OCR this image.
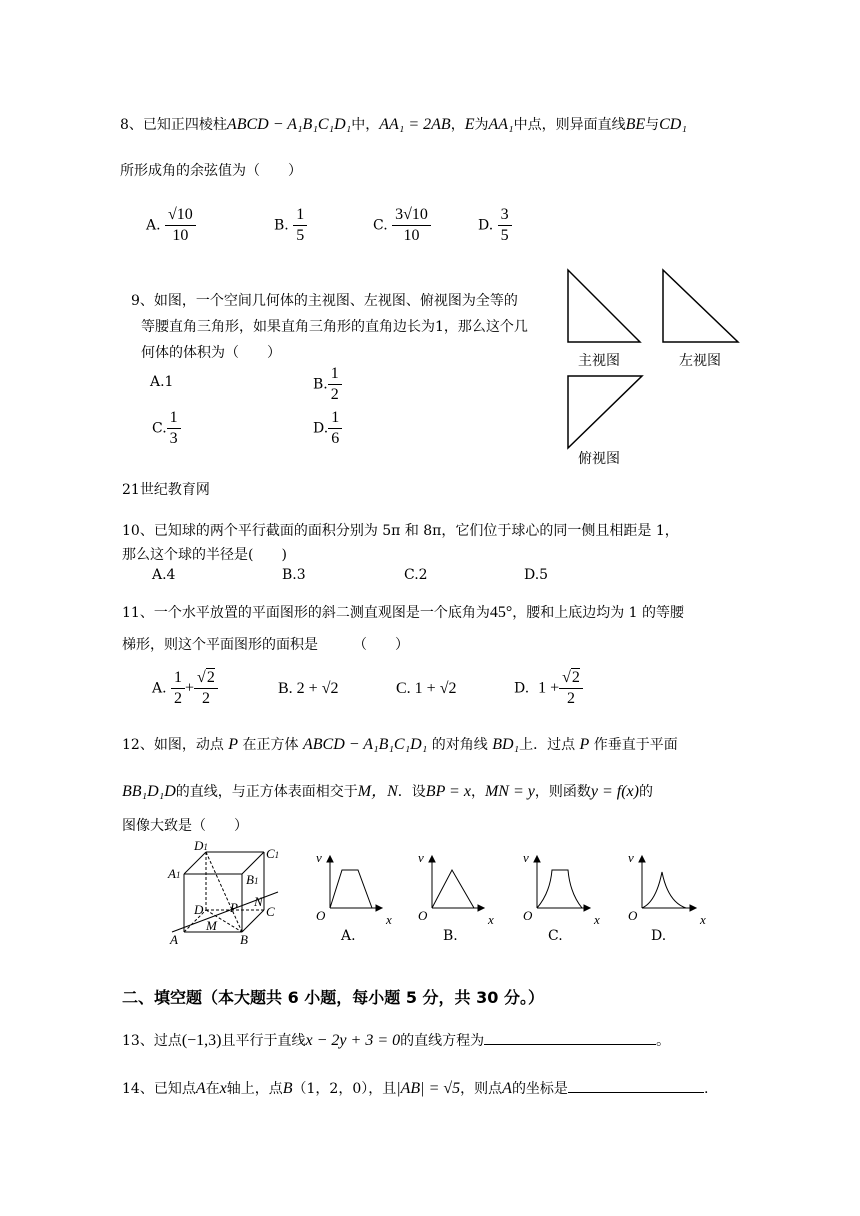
8、已知正四棱柱ABCD − A₁B₁C₁D₁中，AA₁ = 2AB，E为AA₁中点，则异面直线BE与CD₁
所形成角的余弦值为（　　）
A. $\frac{√10}{10}$	B. $\frac{1}{5}$	C. $\frac{3√10}{10}$	D. $\frac{3}{5}$
9、如图，一个空间几何体的主视图、左视图、俯视图为全等的
等腰直角三角形，如果直角三角形的直角边长为1，那么这个几
何体的体积为（　　）
A.1	B. $\frac{1}{2}$
C. $\frac{1}{3}$	D. $\frac{1}{6}$
主视图	左视图
俯视图
21世纪教育网
10、已知球的两个平行截面的面积分别为 5π 和 8π，它们位于球心的同一侧且相距是 1，
那么这个球的半径是(　　)
A.4	B.3	C.2	D.5
11、一个水平放置的平面图形的斜二测直观图是一个底角为45°，腰和上底边均为 1 的等腰
梯形，则这个平面图形的面积是　　　（　　）
A. $\frac{1}{2} + \frac{√2}{2}$	B. 2 + √2	C. 1 + √2	D. $1 + \frac{√2}{2}$
12、如图，动点 P 在正方体 ABCD − A₁B₁C₁D₁ 的对角线 BD₁上．过点 P 作垂直于平面
BB₁D₁D的直线，与正方体表面相交于M，N．设BP = x，MN = y，则函数y = f(x)的
图像大致是（　　）
D1	C1
A1	B1
D P N
M
C
A	B
v
O	x
v
O	x
v
O	x
v
O	x
A.	B.	C.	D.
二、填空题（本大题共 6 小题，每小题 5 分，共 30 分。）
13、过点(−1,3)且平行于直线x − 2y + 3 = 0的直线方程为	。
14、已知点A在x轴上，点B（1，2，0），且|AB| = √5，则点A的坐标是	.
